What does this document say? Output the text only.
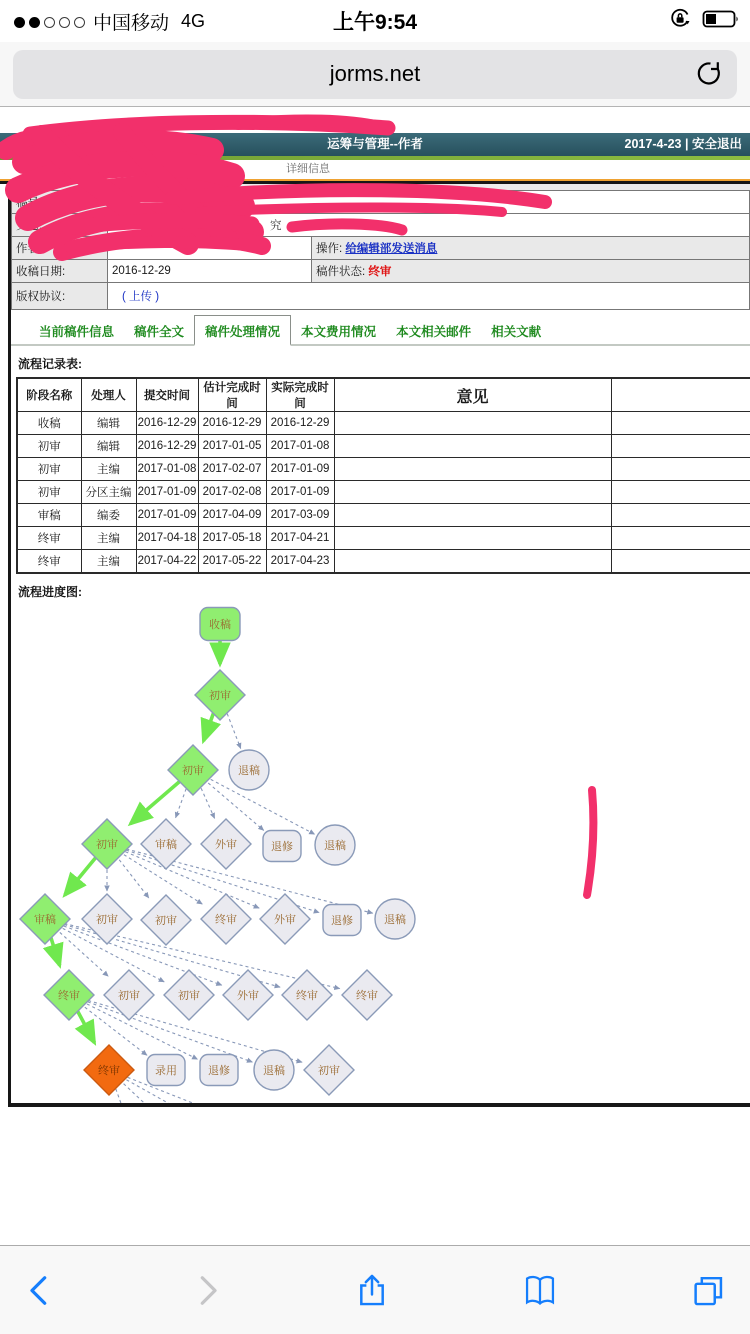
中国移动 4G	上午9:54
jorms.net
运筹与管理--作者	2017-4-23 | 安全退出
全操作	详细信息
稿号:		
文题:	究	
作者:		操作: 给编辑部发送消息
收稿日期:	2016-12-29	稿件状态: 终审
版权协议:	( 上传 )	
当前稿件信息	稿件全文	稿件处理情况	本文费用情况	本文相关邮件	相关文献
流程记录表:
阶段名称	处理人	提交时间	估计完成时间	实际完成时间	意见	
收稿	编辑	2016-12-29	2016-12-29	2016-12-29		
初审	编辑	2016-12-29	2017-01-05	2017-01-08		
初审	主编	2017-01-08	2017-02-07	2017-01-09		
初审	分区主编	2017-01-09	2017-02-08	2017-01-09		
审稿	编委	2017-01-09	2017-04-09	2017-03-09		
终审	主编	2017-04-18	2017-05-18	2017-04-21		
终审	主编	2017-04-22	2017-05-22	2017-04-23		
流程进度图:
收稿
初审
退稿
初审
初审	审稿	外审	退修	退稿
审稿	初审	初审	终审	外审	退修	退稿
终审	初审	初审	外审	终审	终审
终审	录用	退修	退稿	初审
退修	录用	退稿	初审
